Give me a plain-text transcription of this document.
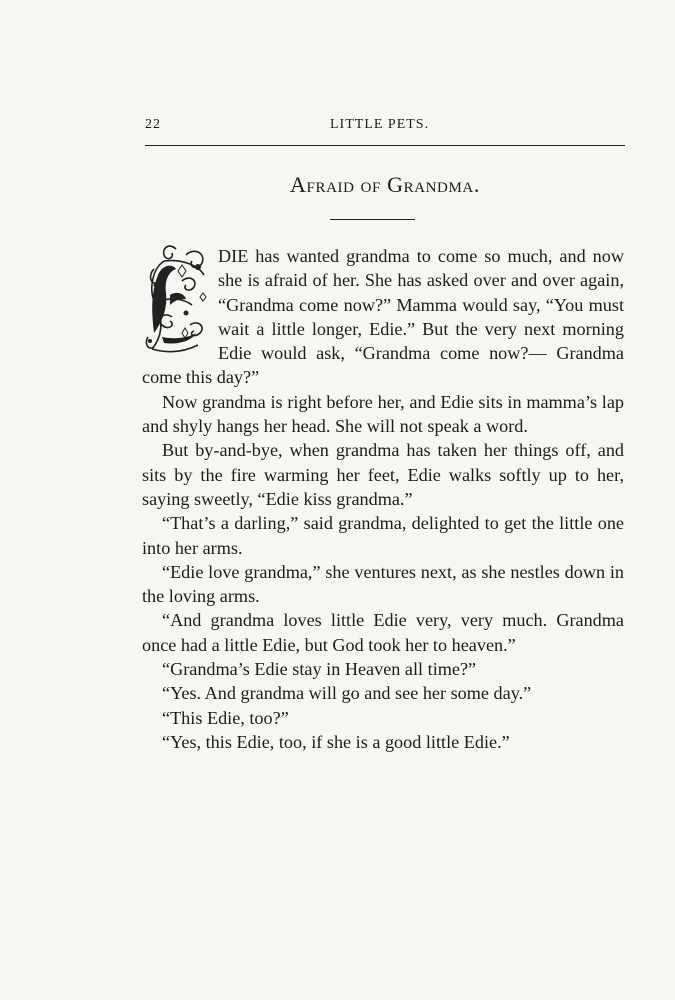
22	LITTLE PETS.
Afraid of Grandma.

DIE has wanted grandma to come so much, and now she is afraid of her. She has asked over and over again, “Grandma come now?” Mamma would say, “You must wait a little longer, Edie.” But the very next morning Edie would ask, “Grandma come now?— Grandma come this day?”

Now grandma is right before her, and Edie sits in mamma’s lap and shyly hangs her head. She will not speak a word.

But by-and-bye, when grandma has taken her things off, and sits by the fire warming her feet, Edie walks softly up to her, saying sweetly, “Edie kiss grandma.”

“That’s a darling,” said grandma, delighted to get the little one into her arms.

“Edie love grandma,” she ventures next, as she nestles down in the loving arms.

“And grandma loves little Edie very, very much. Grandma once had a little Edie, but God took her to heaven.”

“Grandma’s Edie stay in Heaven all time?”

“Yes. And grandma will go and see her some day.”

“This Edie, too?”

“Yes, this Edie, too, if she is a good little Edie.”
